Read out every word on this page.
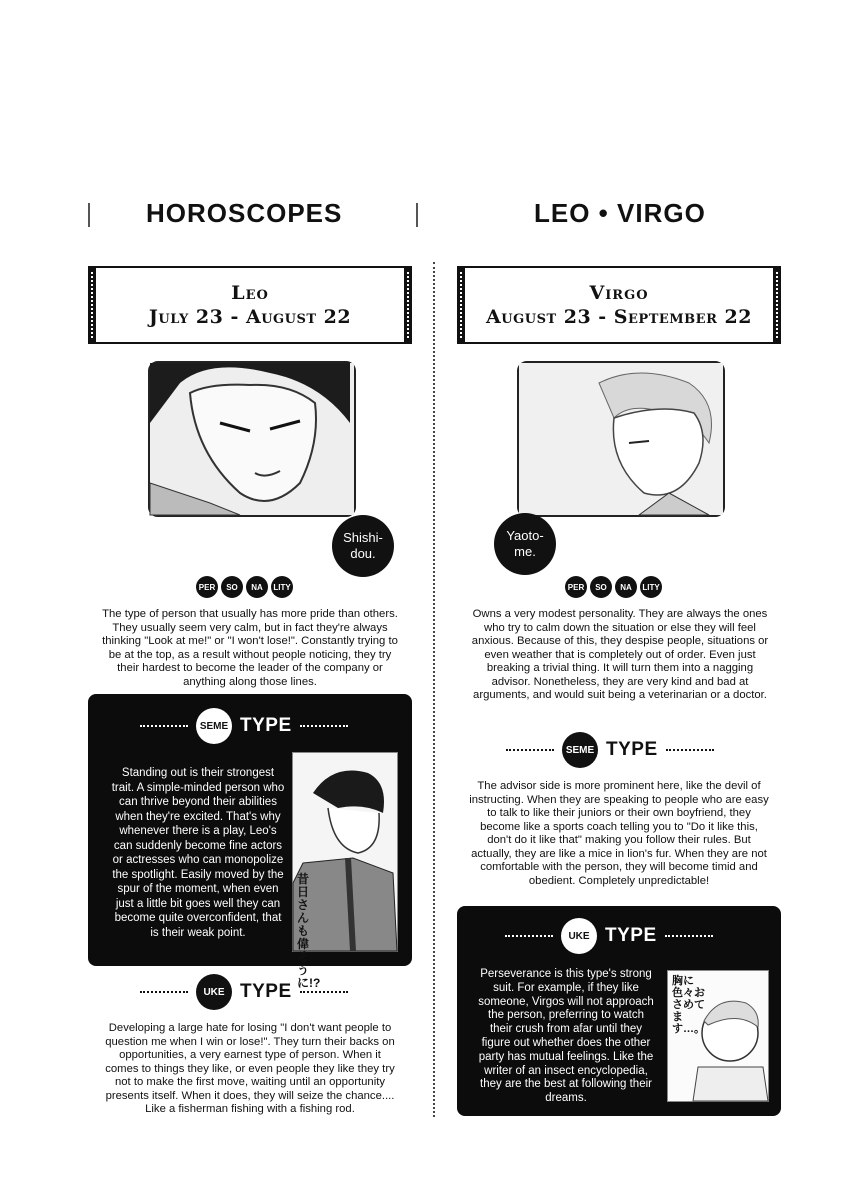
HOROSCOPES	LEO • VIRGO
Leo
July 23 - August 22
Shishi-
dou.
PER	SO	NA	LITY
The type of person that usually has more pride than others. They usually seem very calm, but in fact they're always thinking "Look at me!" or "I won't lose!". Constantly trying to be at the top, as a result without people noticing, they try their hardest to become the leader of the company or anything along those lines.
SEME TYPE
Standing out is their strongest trait. A simple-minded person who can thrive beyond their abilities when they're excited. That's why whenever there is a play, Leo's can suddenly become fine actors or actresses who can monopolize the spotlight. Easily moved by the spur of the moment, when even just a little bit goes well they can become quite overconfident, that is their weak point.
昔日さんも偉そうに!?
UKE TYPE
Developing a large hate for losing "I don't want people to question me when I win or lose!". They turn their backs on opportunities, a very earnest type of person. When it comes to things they like, or even people they like they try not to make the first move, waiting until an opportunity presents itself. When it does, they will seize the chance.... Like a fisherman fishing with a fishing rod.
Virgo
August 23 - September 22
Yaoto-
me.
PER	SO	NA	LITY
Owns a very modest personality. They are always the ones who try to calm down the situation or else they will feel anxious. Because of this, they despise people, situations or even weather that is completely out of order. Even just breaking a trivial thing. It will turn them into a nagging advisor. Nonetheless, they are very kind and bad at arguments, and would suit being a veterinarian or a doctor.
SEME TYPE
The advisor side is more prominent here, like the devil of instructing. When they are speaking to people who are easy to talk to like their juniors or their own boyfriend, they become like a sports coach telling you to "Do it like this, don't do it like that" making you follow their rules. But actually, they are like a mice in lion's fur. When they are not comfortable with the person, they will become timid and obedient. Completely unpredictable!
UKE TYPE
Perseverance is this type's strong suit. For example, if they like someone, Virgos will not approach the person, preferring to watch their crush from afar until they figure out whether does the other party has mutual feelings. Like the writer of an insect encyclopedia, they are the best at following their dreams.
胸に色々おさめてます…。
